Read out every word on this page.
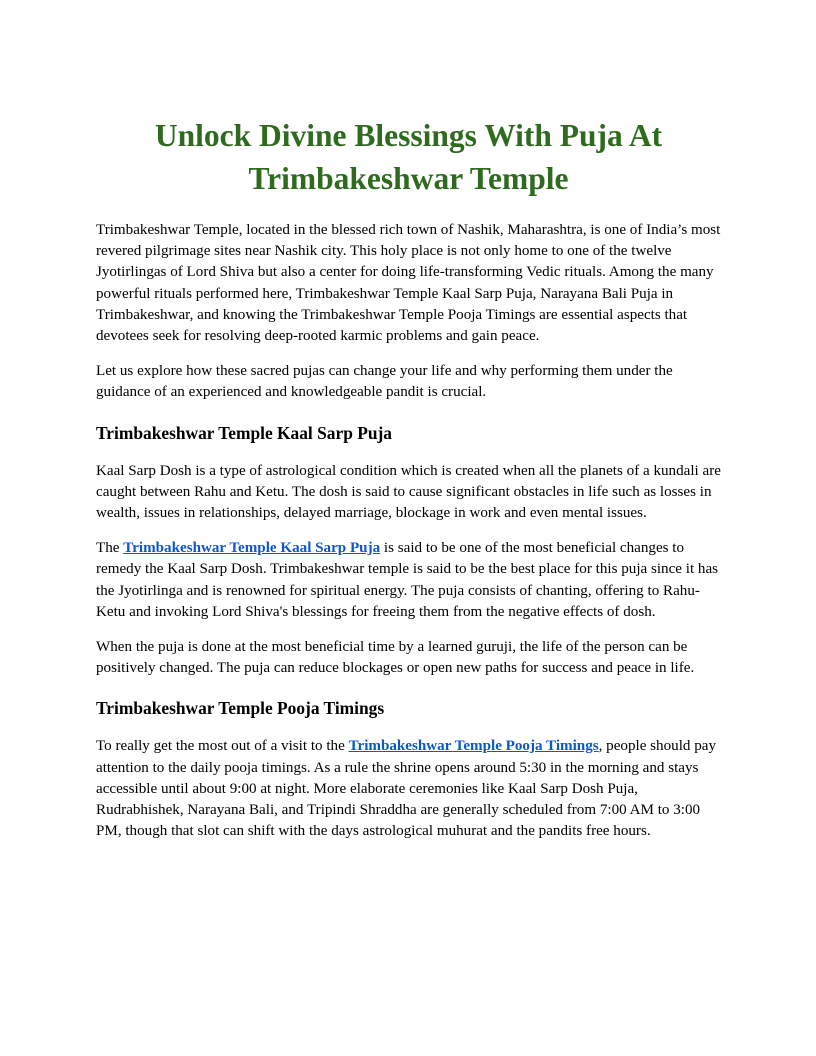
Unlock Divine Blessings With Puja At
Trimbakeshwar Temple

Trimbakeshwar Temple, located in the blessed rich town of Nashik, Maharashtra, is one of India’s most revered pilgrimage sites near Nashik city. This holy place is not only home to one of the twelve Jyotirlingas of Lord Shiva but also a center for doing life-transforming Vedic rituals. Among the many powerful rituals performed here, Trimbakeshwar Temple Kaal Sarp Puja, Narayana Bali Puja in Trimbakeshwar, and knowing the Trimbakeshwar Temple Pooja Timings are essential aspects that devotees seek for resolving deep-rooted karmic problems and gain peace.

Let us explore how these sacred pujas can change your life and why performing them under the guidance of an experienced and knowledgeable pandit is crucial.

Trimbakeshwar Temple Kaal Sarp Puja

Kaal Sarp Dosh is a type of astrological condition which is created when all the planets of a kundali are caught between Rahu and Ketu. The dosh is said to cause significant obstacles in life such as losses in wealth, issues in relationships, delayed marriage, blockage in work and even mental issues.

The Trimbakeshwar Temple Kaal Sarp Puja is said to be one of the most beneficial changes to remedy the Kaal Sarp Dosh. Trimbakeshwar temple is said to be the best place for this puja since it has the Jyotirlinga and is renowned for spiritual energy. The puja consists of chanting, offering to Rahu-Ketu and invoking Lord Shiva's blessings for freeing them from the negative effects of dosh.

When the puja is done at the most beneficial time by a learned guruji, the life of the person can be positively changed. The puja can reduce blockages or open new paths for success and peace in life.

Trimbakeshwar Temple Pooja Timings

To really get the most out of a visit to the Trimbakeshwar Temple Pooja Timings, people should pay attention to the daily pooja timings. As a rule the shrine opens around 5:30 in the morning and stays accessible until about 9:00 at night. More elaborate ceremonies like Kaal Sarp Dosh Puja, Rudrabhishek, Narayana Bali, and Tripindi Shraddha are generally scheduled from 7:00 AM to 3:00 PM, though that slot can shift with the days astrological muhurat and the pandits free hours.
